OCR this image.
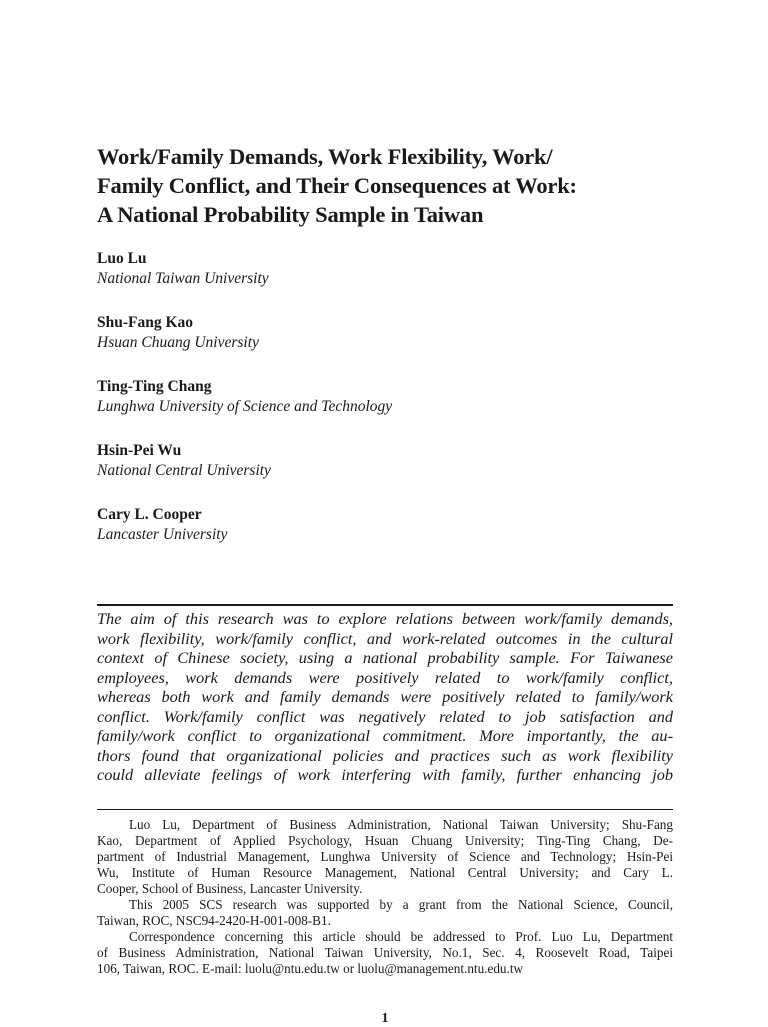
Work/Family Demands, Work Flexibility, Work/
Family Conflict, and Their Consequences at Work:
A National Probability Sample in Taiwan
Luo Lu
National Taiwan University
Shu-Fang Kao
Hsuan Chuang University
Ting-Ting Chang
Lunghwa University of Science and Technology
Hsin-Pei Wu
National Central University
Cary L. Cooper
Lancaster University
The aim of this research was to explore relations between work/family demands,
work flexibility, work/family conflict, and work-related outcomes in the cultural
context of Chinese society, using a national probability sample. For Taiwanese
employees, work demands were positively related to work/family conflict,
whereas both work and family demands were positively related to family/work
conflict. Work/family conflict was negatively related to job satisfaction and
family/work conflict to organizational commitment. More importantly, the au-
thors found that organizational policies and practices such as work flexibility
could alleviate feelings of work interfering with family, further enhancing job
Luo Lu, Department of Business Administration, National Taiwan University; Shu-Fang
Kao, Department of Applied Psychology, Hsuan Chuang University; Ting-Ting Chang, De-
partment of Industrial Management, Lunghwa University of Science and Technology; Hsin-Pei
Wu, Institute of Human Resource Management, National Central University; and Cary L.
Cooper, School of Business, Lancaster University.
This 2005 SCS research was supported by a grant from the National Science, Council,
Taiwan, ROC, NSC94-2420-H-001-008-B1.
Correspondence concerning this article should be addressed to Prof. Luo Lu, Department
of Business Administration, National Taiwan University, No.1, Sec. 4, Roosevelt Road, Taipei
106, Taiwan, ROC. E-mail: luolu@ntu.edu.tw or luolu@management.ntu.edu.tw
1
